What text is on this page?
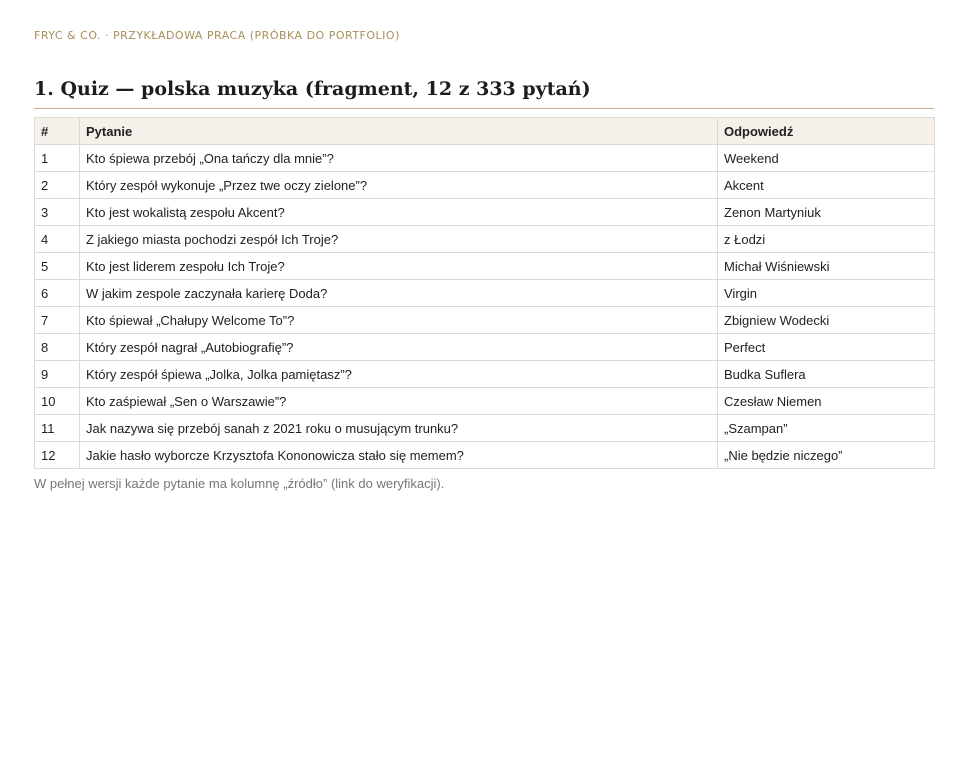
FRYC & CO. · PRZYKŁADOWA PRACA (PRÓBKA DO PORTFOLIO)
1. Quiz — polska muzyka (fragment, 12 z 333 pytań)
#	Pytanie	Odpowiedź
1	Kto śpiewa przebój „Ona tańczy dla mnie”?	Weekend
2	Który zespół wykonuje „Przez twe oczy zielone”?	Akcent
3	Kto jest wokalistą zespołu Akcent?	Zenon Martyniuk
4	Z jakiego miasta pochodzi zespół Ich Troje?	z Łodzi
5	Kto jest liderem zespołu Ich Troje?	Michał Wiśniewski
6	W jakim zespole zaczynała karierę Doda?	Virgin
7	Kto śpiewał „Chałupy Welcome To”?	Zbigniew Wodecki
8	Który zespół nagrał „Autobiografię”?	Perfect
9	Który zespół śpiewa „Jolka, Jolka pamiętasz”?	Budka Suflera
10	Kto zaśpiewał „Sen o Warszawie”?	Czesław Niemen
11	Jak nazywa się przebój sanah z 2021 roku o musującym trunku?	„Szampan”
12	Jakie hasło wyborcze Krzysztofa Kononowicza stało się memem?	„Nie będzie niczego”
W pełnej wersji każde pytanie ma kolumnę „źródło” (link do weryfikacji).
